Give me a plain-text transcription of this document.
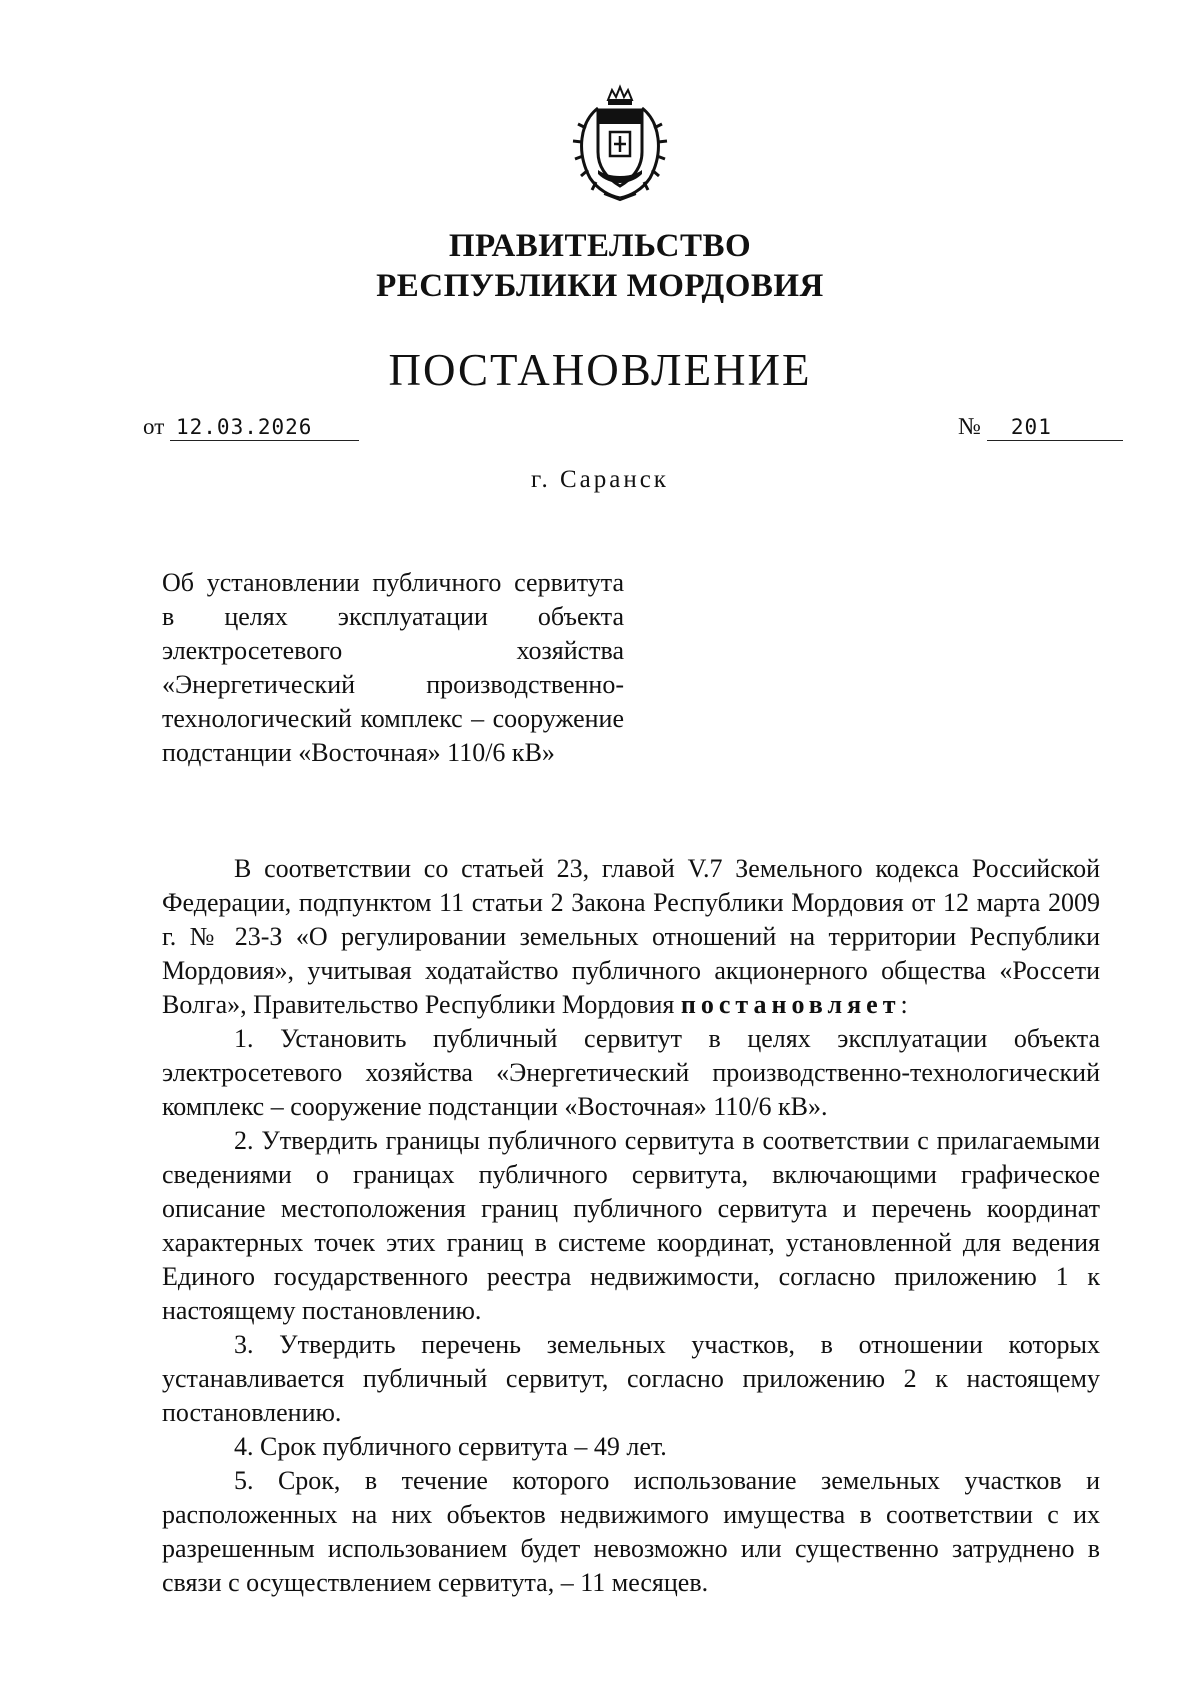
ПРАВИТЕЛЬСТВО
РЕСПУБЛИКИ МОРДОВИЯ
ПОСТАНОВЛЕНИЕ
от 12.03.2026	№ 201
г. Саранск
Об установлении публичного сервитута в целях эксплуатации объекта электросетевого хозяйства «Энергетический производственно-технологический комплекс – сооружение подстанции «Восточная» 110/6 кВ»

В соответствии со статьей 23, главой V.7 Земельного кодекса Российской Федерации, подпунктом 11 статьи 2 Закона Республики Мордовия от 12 марта 2009 г. № 23-З «О регулировании земельных отношений на территории Республики Мордовия», учитывая ходатайство публичного акционерного общества «Россети Волга», Правительство Республики Мордовия постановляет:

1. Установить публичный сервитут в целях эксплуатации объекта электросетевого хозяйства «Энергетический производственно-технологический комплекс – сооружение подстанции «Восточная» 110/6 кВ».

2. Утвердить границы публичного сервитута в соответствии с прилагаемыми сведениями о границах публичного сервитута, включающими графическое описание местоположения границ публичного сервитута и перечень координат характерных точек этих границ в системе координат, установленной для ведения Единого государственного реестра недвижимости, согласно приложению 1 к настоящему постановлению.

3. Утвердить перечень земельных участков, в отношении которых устанавливается публичный сервитут, согласно приложению 2 к настоящему постановлению.

4. Срок публичного сервитута – 49 лет.

5. Срок, в течение которого использование земельных участков и расположенных на них объектов недвижимого имущества в соответствии с их разрешенным использованием будет невозможно или существенно затруднено в связи с осуществлением сервитута, – 11 месяцев.
